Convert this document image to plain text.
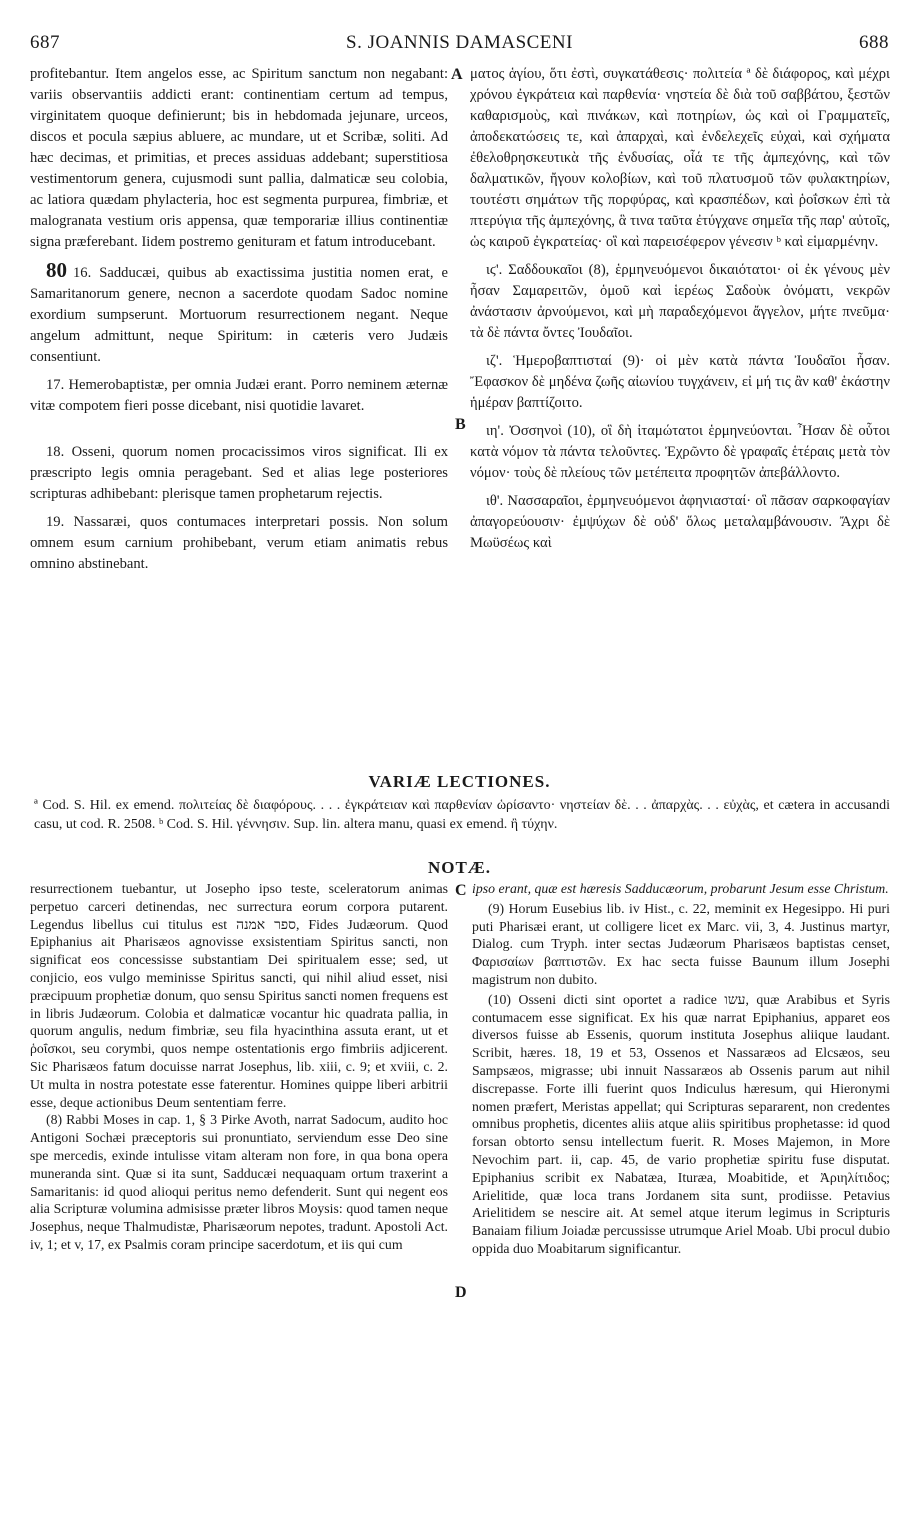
687	S. JOANNIS DAMASCENI	688
A
B
C
D

profitebantur. Item angelos esse, ac Spiritum sanctum non negabant: variis observantiis addicti erant: continentiam certum ad tempus, virginitatem quoque definierunt; bis in hebdomada jejunare, urceos, discos et pocula sæpius abluere, ac mundare, ut et Scribæ, soliti. Ad hæc decimas, et primitias, et preces assiduas addebant; superstitiosa vestimentorum genera, cujusmodi sunt pallia, dalmaticæ seu colobia, ac latiora quædam phylacteria, hoc est segmenta purpurea, fimbriæ, et malogranata vestium oris appensa, quæ temporariæ illius continentiæ signa præferebant. Iidem postremo genituram et fatum introducebant.

80 16. Sadducæi, quibus ab exactissima justitia nomen erat, e Samaritanorum genere, necnon a sacerdote quodam Sadoc nomine exordium sumpserunt. Mortuorum resurrectionem negant. Neque angelum admittunt, neque Spiritum: in cæteris vero Judæis consentiunt.

17. Hemerobaptistæ, per omnia Judæi erant. Porro neminem æternæ vitæ compotem fieri posse dicebant, nisi quotidie lavaret.

18. Osseni, quorum nomen procacissimos viros significat. Ili ex præscripto legis omnia peragebant. Sed et alias lege posteriores scripturas adhibebant: plerisque tamen prophetarum rejectis.

19. Nassaræi, quos contumaces interpretari possis. Non solum omnem esum carnium prohibebant, verum etiam animatis rebus omnino abstinebant.

ματος ἁγίου, ὅτι ἐστὶ, συγκατάθεσις· πολιτεία ª δὲ διάφορος, καὶ μέχρι χρόνου ἐγκράτεια καὶ παρθενία· νηστεία δὲ διὰ τοῦ σαββάτου, ξεστῶν καθαρισμοὺς, καὶ πινάκων, καὶ ποτηρίων, ὡς καὶ οἱ Γραμματεῖς, ἀποδεκατώσεις τε, καὶ ἀπαρχαὶ, καὶ ἐνδελεχεῖς εὐχαὶ, καὶ σχήματα ἐθελοθρησκευτικὰ τῆς ἐνδυσίας, οἷά τε τῆς ἀμπεχόνης, καὶ τῶν δαλματικῶν, ἤγουν κολοβίων, καὶ τοῦ πλατυσμοῦ τῶν φυλακτηρίων, τουτέστι σημάτων τῆς πορφύρας, καὶ κρασπέδων, καὶ ῥοΐσκων ἐπὶ τὰ πτερύγια τῆς ἀμπεχόνης, ἃ τινα ταῦτα ἐτύγχανε σημεῖα τῆς παρ' αὐτοῖς, ὡς καιροῦ ἐγκρατείας· οἳ καὶ παρεισέφερον γένεσιν ᵇ καὶ εἱμαρμένην.

ιϛ'. Σαδδουκαῖοι (8), ἑρμηνευόμενοι δικαιότατοι· οἱ ἐκ γένους μὲν ἦσαν Σαμαρειτῶν, ὁμοῦ καὶ ἱερέως Σαδοὺκ ὀνόματι, νεκρῶν ἀνάστασιν ἀρνούμενοι, καὶ μὴ παραδεχόμενοι ἄγγελον, μήτε πνεῦμα· τὰ δὲ πάντα ὄντες Ἰουδαῖοι.

ιζ'. Ἡμεροβαπτισταί (9)· οἱ μὲν κατὰ πάντα Ἰουδαῖοι ἦσαν. Ἔφασκον δὲ μηδένα ζωῆς αἰωνίου τυγχάνειν, εἰ μή τις ἂν καθ' ἑκάστην ἡμέραν βαπτίζοιτο.

ιη'. Ὀσσηνοὶ (10), οἳ δὴ ἰταμώτατοι ἑρμηνεύονται. Ἦσαν δὲ οὗτοι κατὰ νόμον τὰ πάντα τελοῦντες. Ἐχρῶντο δὲ γραφαῖς ἑτέραις μετὰ τὸν νόμον· τοὺς δὲ πλείους τῶν μετέπειτα προφητῶν ἀπεβάλλοντο.

ιθ'. Νασσαραῖοι, ἑρμηνευόμενοι ἀφηνιασταί· οἳ πᾶσαν σαρκοφαγίαν ἀπαγορεύουσιν· ἐμψύχων δὲ οὐδ' ὅλως μεταλαμβάνουσιν. Ἄχρι δὲ Μωϋσέως καὶ

VARIÆ LECTIONES.
ª Cod. S. Hil. ex emend. πολιτείας δὲ διαφόρους. . . . ἐγκράτειαν καὶ παρθενίαν ὡρίσαντο· νηστείαν δὲ. . . ἀπαρχὰς. . . εὐχὰς, et cætera in accusandi casu, ut cod. R. 2508. ᵇ Cod. S. Hil. γέννησιν. Sup. lin. altera manu, quasi ex emend. ἢ τύχην.
NOTÆ.

resurrectionem tuebantur, ut Josepho ipso teste, sceleratorum animas perpetuo carceri detinendas, nec surrectura eorum corpora putarent. Legendus libellus cui titulus est ספר אמנה, Fides Judæorum. Quod Epiphanius ait Pharisæos agnovisse exsistentiam Spiritus sancti, non significat eos concessisse substantiam Dei spiritualem esse; sed, ut conjicio, eos vulgo meminisse Spiritus sancti, qui nihil aliud esset, nisi præcipuum prophetiæ donum, quo sensu Spiritus sancti nomen frequens est in libris Judæorum. Colobia et dalmaticæ vocantur hic quadrata pallia, in quorum angulis, nedum fimbriæ, seu fila hyacinthina assuta erant, ut et ῥοΐσκοι, seu corymbi, quos nempe ostentationis ergo fimbriis adjicerent. Sic Pharisæos fatum docuisse narrat Josephus, lib. xiii, c. 9; et xviii, c. 2. Ut multa in nostra potestate esse faterentur. Homines quippe liberi arbitrii esse, deque actionibus Deum sententiam ferre.

(8) Rabbi Moses in cap. 1, § 3 Pirke Avoth, narrat Sadocum, audito hoc Antigoni Sochæi præceptoris sui pronuntiato, serviendum esse Deo sine spe mercedis, exinde intulisse vitam alteram non fore, in qua bona opera muneranda sint. Quæ si ita sunt, Sadducæi nequaquam ortum traxerint a Samaritanis: id quod alioqui peritus nemo defenderit. Sunt qui negent eos alia Scripturæ volumina admisisse præter libros Moysis: quod tamen neque Josephus, neque Thalmudistæ, Pharisæorum nepotes, tradunt. Apostoli Act. iv, 1; et v, 17, ex Psalmis coram principe sacerdotum, et iis qui cum

ipso erant, quæ est hæresis Sadducæorum, probarunt Jesum esse Christum.

(9) Horum Eusebius lib. iv Hist., c. 22, meminit ex Hegesippo. Hi puri puti Pharisæi erant, ut colligere licet ex Marc. vii, 3, 4. Justinus martyr, Dialog. cum Tryph. inter sectas Judæorum Pharisæos baptistas censet, Φαρισαίων βαπτιστῶν. Ex hac secta fuisse Baunum illum Josephi magistrum non dubito.

(10) Osseni dicti sint oportet a radice עשו, quæ Arabibus et Syris contumacem esse significat. Ex his quæ narrat Epiphanius, apparet eos diversos fuisse ab Essenis, quorum instituta Josephus aliique laudant. Scribit, hæres. 18, 19 et 53, Ossenos et Nassaræos ad Elcsæos, seu Sampsæos, migrasse; ubi innuit Nassaræos ab Ossenis parum aut nihil discrepasse. Forte illi fuerint quos Indiculus hæresum, qui Hieronymi nomen præfert, Meristas appellat; qui Scripturas separarent, non credentes omnibus prophetis, dicentes aliis atque aliis spiritibus prophetasse: id quod forsan obtorto sensu intellectum fuerit. R. Moses Majemon, in More Nevochim part. ii, cap. 45, de vario prophetiæ spiritu fuse disputat. Epiphanius scribit ex Nabatæa, Ituræa, Moabitide, et Ἀριηλίτιδος; Arielitide, quæ loca trans Jordanem sita sunt, prodiisse. Petavius Arielitidem se nescire ait. At semel atque iterum legimus in Scripturis Banaiam filium Joiadæ percussisse utrumque Ariel Moab. Ubi procul dubio oppida duo Moabitarum significantur.
